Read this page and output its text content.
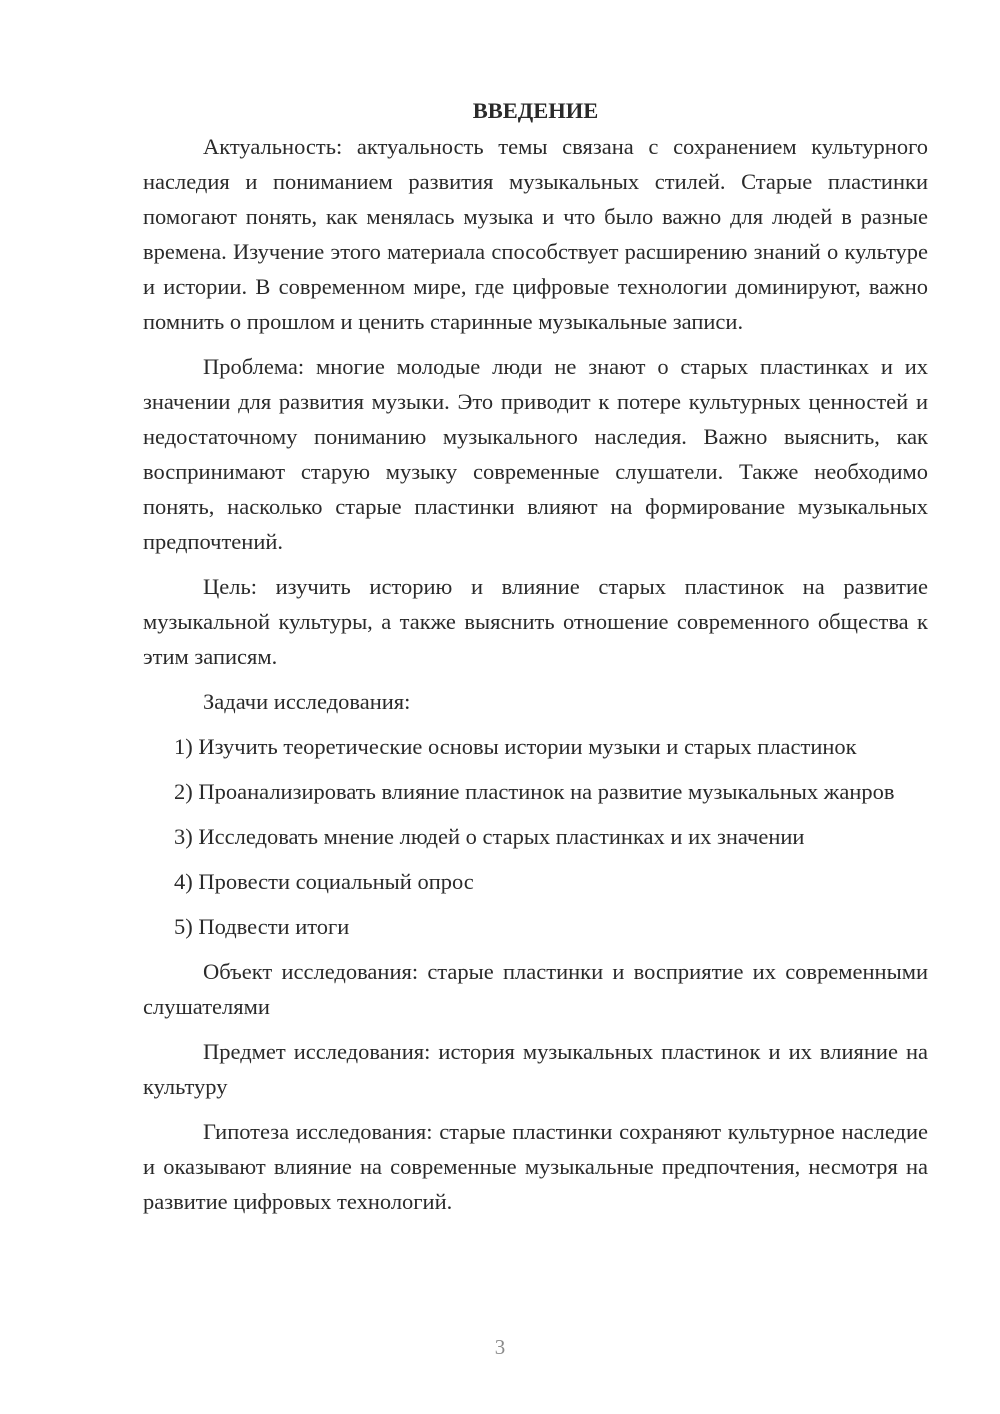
ВВЕДЕНИЕ

Актуальность: актуальность темы связана с сохранением культурного наследия и пониманием развития музыкальных стилей. Старые пластинки помогают понять, как менялась музыка и что было важно для людей в разные времена. Изучение этого материала способствует расширению знаний о культуре и истории. В современном мире, где цифровые технологии доминируют, важно помнить о прошлом и ценить старинные музыкальные записи.

Проблема: многие молодые люди не знают о старых пластинках и их значении для развития музыки. Это приводит к потере культурных ценностей и недостаточному пониманию музыкального наследия. Важно выяснить, как воспринимают старую музыку современные слушатели. Также необходимо понять, насколько старые пластинки влияют на формирование музыкальных предпочтений.

Цель: изучить историю и влияние старых пластинок на развитие музыкальной культуры, а также выяснить отношение современного общества к этим записям.

Задачи исследования:

1) Изучить теоретические основы истории музыки и старых пластинок

2) Проанализировать влияние пластинок на развитие музыкальных жанров

3) Исследовать мнение людей о старых пластинках и их значении

4) Провести социальный опрос

5) Подвести итоги

Объект исследования: старые пластинки и восприятие их современными слушателями

Предмет исследования: история музыкальных пластинок и их влияние на культуру

Гипотеза исследования: старые пластинки сохраняют культурное наследие и оказывают влияние на современные музыкальные предпочтения, несмотря на развитие цифровых технологий.

3
